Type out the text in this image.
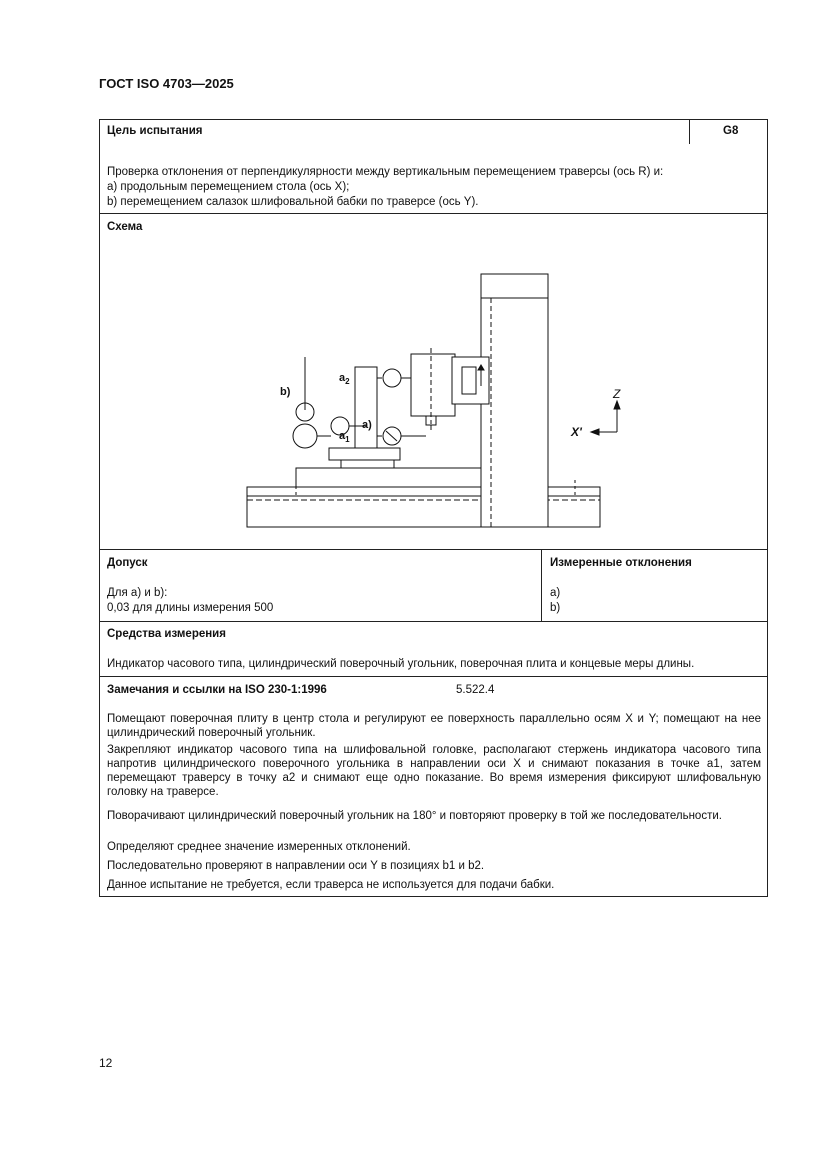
ГОСТ ISO 4703—2025
Цель испытания	G8
Проверка отклонения от перпендикулярности между вертикальным перемещением траверсы (ось R) и:
a) продольным перемещением стола (ось X);
b) перемещением салазок шлифовальной бабки по траверсе (ось Y).
Схема
b)
a)
$a_2$
$a_1$
Z
X'
Допуск
Для a) и b):
0,03 для длины измерения 500
Измеренные отклонения
a)
b)
Средства измерения
Индикатор часового типа, цилиндрический поверочный угольник, поверочная плита и концевые меры длины.
Замечания и ссылки на ISO 230-1:1996	5.522.4
Помещают поверочная плиту в центр стола и регулируют ее поверхность параллельно осям X и Y; помещают на нее цилиндрический поверочный угольник.
Закрепляют индикатор часового типа на шлифовальной головке, располагают стержень индикатора часового типа напротив цилиндрического поверочного угольника в направлении оси X и снимают показания в точке a1, затем перемещают траверсу в точку a2 и снимают еще одно показание. Во время измерения фиксируют шлифовальную головку на траверсе.
Поворачивают цилиндрический поверочный угольник на 180° и повторяют проверку в той же последовательности.
Определяют среднее значение измеренных отклонений.
Последовательно проверяют в направлении оси Y в позициях b1 и b2.
Данное испытание не требуется, если траверса не используется для подачи бабки.
12
